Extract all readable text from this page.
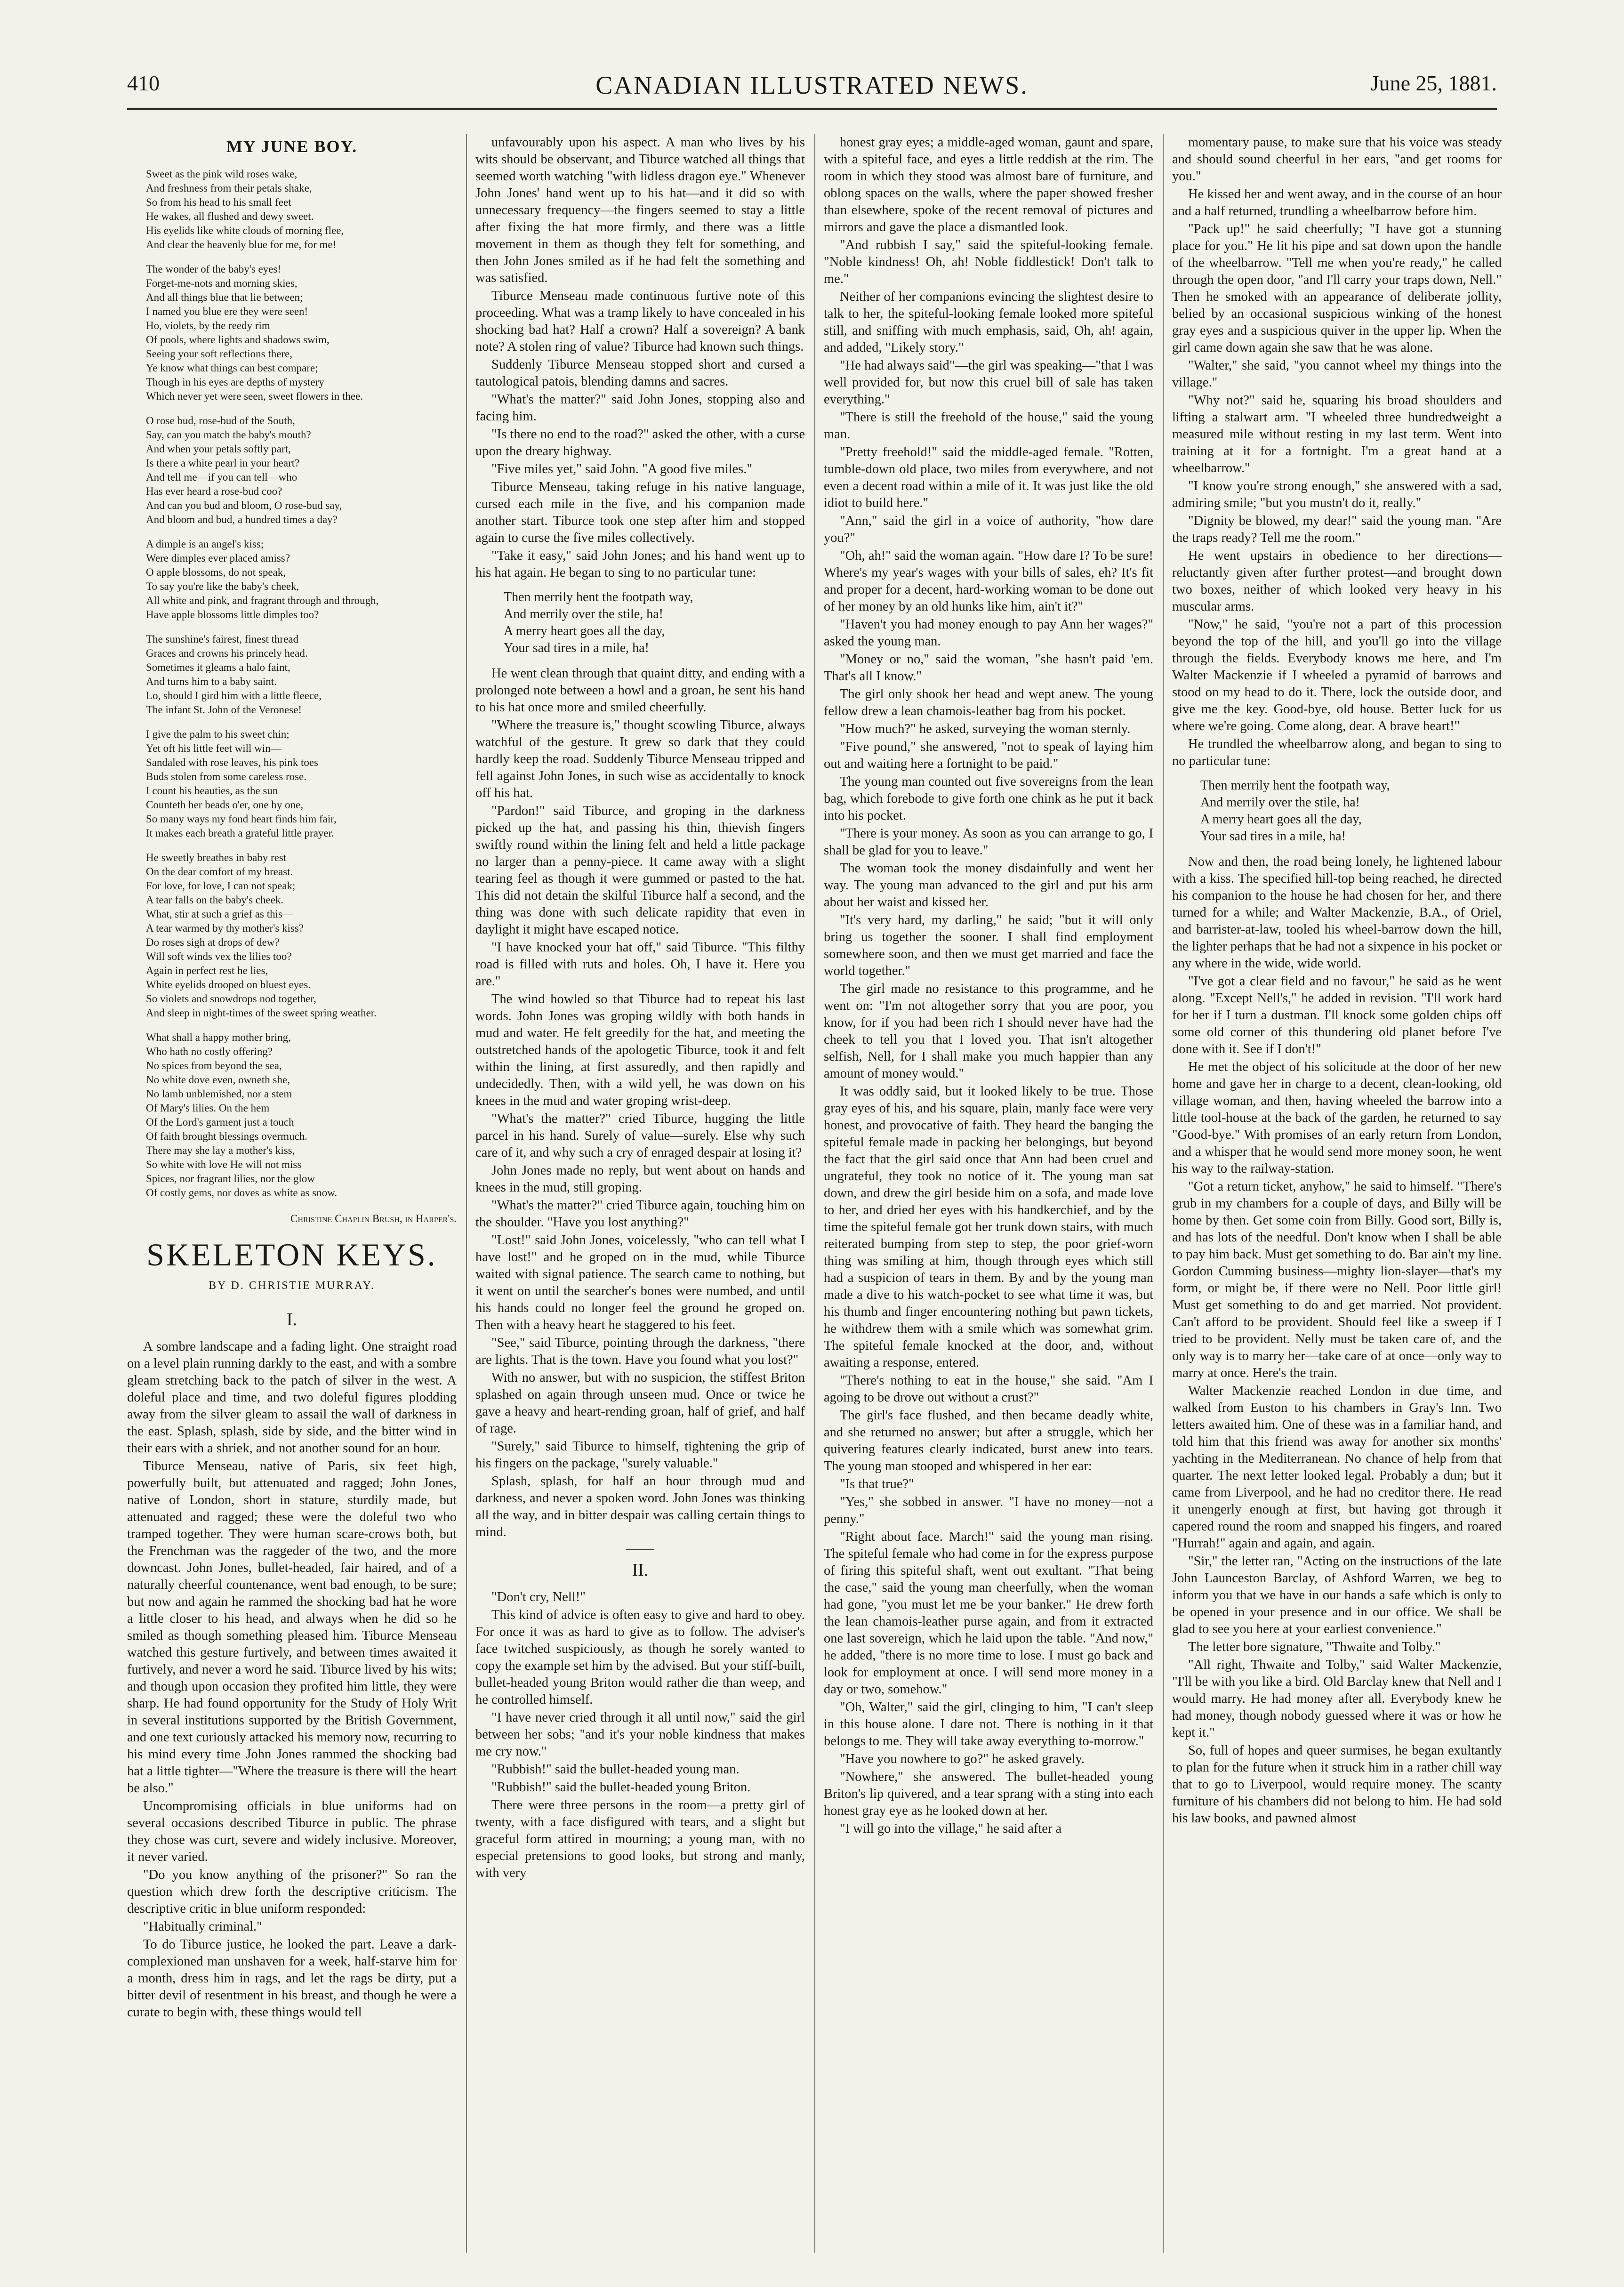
410	CANADIAN ILLUSTRATED NEWS.	June 25, 1881.
MY JUNE BOY.
Sweet as the pink wild roses wake,
And freshness from their petals shake,
So from his head to his small feet
He wakes, all flushed and dewy sweet.
His eyelids like white clouds of morning flee,
And clear the heavenly blue for me, for me!
The wonder of the baby's eyes!
Forget-me-nots and morning skies,
And all things blue that lie between;
I named you blue ere they were seen!
Ho, violets, by the reedy rim
Of pools, where lights and shadows swim,
Seeing your soft reflections there,
Ye know what things can best compare;
Though in his eyes are depths of mystery
Which never yet were seen, sweet flowers in thee.
O rose bud, rose-bud of the South,
Say, can you match the baby's mouth?
And when your petals softly part,
Is there a white pearl in your heart?
And tell me—if you can tell—who
Has ever heard a rose-bud coo?
And can you bud and bloom, O rose-bud say,
And bloom and bud, a hundred times a day?
A dimple is an angel's kiss;
Were dimples ever placed amiss?
O apple blossoms, do not speak,
To say you're like the baby's cheek,
All white and pink, and fragrant through and through,
Have apple blossoms little dimples too?
The sunshine's fairest, finest thread
Graces and crowns his princely head.
Sometimes it gleams a halo faint,
And turns him to a baby saint.
Lo, should I gird him with a little fleece,
The infant St. John of the Veronese!
I give the palm to his sweet chin;
Yet oft his little feet will win—
Sandaled with rose leaves, his pink toes
Buds stolen from some careless rose.
I count his beauties, as the sun
Counteth her beads o'er, one by one,
So many ways my fond heart finds him fair,
It makes each breath a grateful little prayer.
He sweetly breathes in baby rest
On the dear comfort of my breast.
For love, for love, I can not speak;
A tear falls on the baby's cheek.
What, stir at such a grief as this—
A tear warmed by thy mother's kiss?
Do roses sigh at drops of dew?
Will soft winds vex the lilies too?
Again in perfect rest he lies,
White eyelids drooped on bluest eyes.
So violets and snowdrops nod together,
And sleep in night-times of the sweet spring weather.
What shall a happy mother bring,
Who hath no costly offering?
No spices from beyond the sea,
No white dove even, owneth she,
No lamb unblemished, nor a stem
Of Mary's lilies. On the hem
Of the Lord's garment just a touch
Of faith brought blessings overmuch.
There may she lay a mother's kiss,
So white with love He will not miss
Spices, nor fragrant lilies, nor the glow
Of costly gems, nor doves as white as snow.
Christine Chaplin Brush, in Harper's.
SKELETON KEYS.
BY D. CHRISTIE MURRAY.
I.

A sombre landscape and a fading light. One straight road on a level plain running darkly to the east, and with a sombre gleam stretching back to the patch of silver in the west. A doleful place and time, and two doleful figures plodding away from the silver gleam to assail the wall of darkness in the east. Splash, splash, side by side, and the bitter wind in their ears with a shriek, and not another sound for an hour.

Tiburce Menseau, native of Paris, six feet high, powerfully built, but attenuated and ragged; John Jones, native of London, short in stature, sturdily made, but attenuated and ragged; these were the doleful two who tramped together. They were human scare-crows both, but the Frenchman was the raggeder of the two, and the more downcast. John Jones, bullet-headed, fair haired, and of a naturally cheerful countenance, went bad enough, to be sure; but now and again he rammed the shocking bad hat he wore a little closer to his head, and always when he did so he smiled as though something pleased him. Tiburce Menseau watched this gesture furtively, and between times awaited it furtively, and never a word he said. Tiburce lived by his wits; and though upon occasion they profited him little, they were sharp. He had found opportunity for the Study of Holy Writ in several institutions supported by the British Government, and one text curiously attacked his memory now, recurring to his mind every time John Jones rammed the shocking bad hat a little tighter—"Where the treasure is there will the heart be also."

Uncompromising officials in blue uniforms had on several occasions described Tiburce in public. The phrase they chose was curt, severe and widely inclusive. Moreover, it never varied.

"Do you know anything of the prisoner?" So ran the question which drew forth the descriptive criticism. The descriptive critic in blue uniform responded:

"Habitually criminal."

To do Tiburce justice, he looked the part. Leave a dark-complexioned man unshaven for a week, half-starve him for a month, dress him in rags, and let the rags be dirty, put a bitter devil of resentment in his breast, and though he were a curate to begin with, these things would tell

unfavourably upon his aspect. A man who lives by his wits should be observant, and Tiburce watched all things that seemed worth watching "with lidless dragon eye." Whenever John Jones' hand went up to his hat—and it did so with unnecessary frequency—the fingers seemed to stay a little after fixing the hat more firmly, and there was a little movement in them as though they felt for something, and then John Jones smiled as if he had felt the something and was satisfied.

Tiburce Menseau made continuous furtive note of this proceeding. What was a tramp likely to have concealed in his shocking bad hat? Half a crown? Half a sovereign? A bank note? A stolen ring of value? Tiburce had known such things.

Suddenly Tiburce Menseau stopped short and cursed a tautological patois, blending damns and sacres.

"What's the matter?" said John Jones, stopping also and facing him.

"Is there no end to the road?" asked the other, with a curse upon the dreary highway.

"Five miles yet," said John. "A good five miles."

Tiburce Menseau, taking refuge in his native language, cursed each mile in the five, and his companion made another start. Tiburce took one step after him and stopped again to curse the five miles collectively.

"Take it easy," said John Jones; and his hand went up to his hat again. He began to sing to no particular tune:

Then merrily hent the footpath way,
And merrily over the stile, ha!
A merry heart goes all the day,
Your sad tires in a mile, ha!

He went clean through that quaint ditty, and ending with a prolonged note between a howl and a groan, he sent his hand to his hat once more and smiled cheerfully.

"Where the treasure is," thought scowling Tiburce, always watchful of the gesture. It grew so dark that they could hardly keep the road. Suddenly Tiburce Menseau tripped and fell against John Jones, in such wise as accidentally to knock off his hat.

"Pardon!" said Tiburce, and groping in the darkness picked up the hat, and passing his thin, thievish fingers swiftly round within the lining felt and held a little package no larger than a penny-piece. It came away with a slight tearing feel as though it were gummed or pasted to the hat. This did not detain the skilful Tiburce half a second, and the thing was done with such delicate rapidity that even in daylight it might have escaped notice.

"I have knocked your hat off," said Tiburce. "This filthy road is filled with ruts and holes. Oh, I have it. Here you are."

The wind howled so that Tiburce had to repeat his last words. John Jones was groping wildly with both hands in mud and water. He felt greedily for the hat, and meeting the outstretched hands of the apologetic Tiburce, took it and felt within the lining, at first assuredly, and then rapidly and undecidedly. Then, with a wild yell, he was down on his knees in the mud and water groping wrist-deep.

"What's the matter?" cried Tiburce, hugging the little parcel in his hand. Surely of value—surely. Else why such care of it, and why such a cry of enraged despair at losing it?

John Jones made no reply, but went about on hands and knees in the mud, still groping.

"What's the matter?" cried Tiburce again, touching him on the shoulder. "Have you lost anything?"

"Lost!" said John Jones, voicelessly, "who can tell what I have lost!" and he groped on in the mud, while Tiburce waited with signal patience. The search came to nothing, but it went on until the searcher's bones were numbed, and until his hands could no longer feel the ground he groped on. Then with a heavy heart he staggered to his feet.

"See," said Tiburce, pointing through the darkness, "there are lights. That is the town. Have you found what you lost?"

With no answer, but with no suspicion, the stiffest Briton splashed on again through unseen mud. Once or twice he gave a heavy and heart-rending groan, half of grief, and half of rage.

"Surely," said Tiburce to himself, tightening the grip of his fingers on the package, "surely valuable."

Splash, splash, for half an hour through mud and darkness, and never a spoken word. John Jones was thinking all the way, and in bitter despair was calling certain things to mind.

II.

"Don't cry, Nell!"

This kind of advice is often easy to give and hard to obey. For once it was as hard to give as to follow. The adviser's face twitched suspiciously, as though he sorely wanted to copy the example set him by the advised. But your stiff-built, bullet-headed young Briton would rather die than weep, and he controlled himself.

"I have never cried through it all until now," said the girl between her sobs; "and it's your noble kindness that makes me cry now."

"Rubbish!" said the bullet-headed young man.

"Rubbish!" said the bullet-headed young Briton.

There were three persons in the room—a pretty girl of twenty, with a face disfigured with tears, and a slight but graceful form attired in mourning; a young man, with no especial pretensions to good looks, but strong and manly, with very

honest gray eyes; a middle-aged woman, gaunt and spare, with a spiteful face, and eyes a little reddish at the rim. The room in which they stood was almost bare of furniture, and oblong spaces on the walls, where the paper showed fresher than elsewhere, spoke of the recent removal of pictures and mirrors and gave the place a dismantled look.

"And rubbish I say," said the spiteful-looking female. "Noble kindness! Oh, ah! Noble fiddlestick! Don't talk to me."

Neither of her companions evincing the slightest desire to talk to her, the spiteful-looking female looked more spiteful still, and sniffing with much emphasis, said, Oh, ah! again, and added, "Likely story."

"He had always said"—the girl was speaking—"that I was well provided for, but now this cruel bill of sale has taken everything."

"There is still the freehold of the house," said the young man.

"Pretty freehold!" said the middle-aged female. "Rotten, tumble-down old place, two miles from everywhere, and not even a decent road within a mile of it. It was just like the old idiot to build here."

"Ann," said the girl in a voice of authority, "how dare you?"

"Oh, ah!" said the woman again. "How dare I? To be sure! Where's my year's wages with your bills of sales, eh? It's fit and proper for a decent, hard-working woman to be done out of her money by an old hunks like him, ain't it?"

"Haven't you had money enough to pay Ann her wages?" asked the young man.

"Money or no," said the woman, "she hasn't paid 'em. That's all I know."

The girl only shook her head and wept anew. The young fellow drew a lean chamois-leather bag from his pocket.

"How much?" he asked, surveying the woman sternly.

"Five pound," she answered, "not to speak of laying him out and waiting here a fortnight to be paid."

The young man counted out five sovereigns from the lean bag, which forebode to give forth one chink as he put it back into his pocket.

"There is your money. As soon as you can arrange to go, I shall be glad for you to leave."

The woman took the money disdainfully and went her way. The young man advanced to the girl and put his arm about her waist and kissed her.

"It's very hard, my darling," he said; "but it will only bring us together the sooner. I shall find employment somewhere soon, and then we must get married and face the world together."

The girl made no resistance to this programme, and he went on: "I'm not altogether sorry that you are poor, you know, for if you had been rich I should never have had the cheek to tell you that I loved you. That isn't altogether selfish, Nell, for I shall make you much happier than any amount of money would."

It was oddly said, but it looked likely to be true. Those gray eyes of his, and his square, plain, manly face were very honest, and provocative of faith. They heard the banging the spiteful female made in packing her belongings, but beyond the fact that the girl said once that Ann had been cruel and ungrateful, they took no notice of it. The young man sat down, and drew the girl beside him on a sofa, and made love to her, and dried her eyes with his handkerchief, and by the time the spiteful female got her trunk down stairs, with much reiterated bumping from step to step, the poor grief-worn thing was smiling at him, though through eyes which still had a suspicion of tears in them. By and by the young man made a dive to his watch-pocket to see what time it was, but his thumb and finger encountering nothing but pawn tickets, he withdrew them with a smile which was somewhat grim. The spiteful female knocked at the door, and, without awaiting a response, entered.

"There's nothing to eat in the house," she said. "Am I agoing to be drove out without a crust?"

The girl's face flushed, and then became deadly white, and she returned no answer; but after a struggle, which her quivering features clearly indicated, burst anew into tears. The young man stooped and whispered in her ear:

"Is that true?"

"Yes," she sobbed in answer. "I have no money—not a penny."

"Right about face. March!" said the young man rising. The spiteful female who had come in for the express purpose of firing this spiteful shaft, went out exultant. "That being the case," said the young man cheerfully, when the woman had gone, "you must let me be your banker." He drew forth the lean chamois-leather purse again, and from it extracted one last sovereign, which he laid upon the table. "And now," he added, "there is no more time to lose. I must go back and look for employment at once. I will send more money in a day or two, somehow."

"Oh, Walter," said the girl, clinging to him, "I can't sleep in this house alone. I dare not. There is nothing in it that belongs to me. They will take away everything to-morrow."

"Have you nowhere to go?" he asked gravely.

"Nowhere," she answered. The bullet-headed young Briton's lip quivered, and a tear sprang with a sting into each honest gray eye as he looked down at her.

"I will go into the village," he said after a

momentary pause, to make sure that his voice was steady and should sound cheerful in her ears, "and get rooms for you."

He kissed her and went away, and in the course of an hour and a half returned, trundling a wheelbarrow before him.

"Pack up!" he said cheerfully; "I have got a stunning place for you." He lit his pipe and sat down upon the handle of the wheelbarrow. "Tell me when you're ready," he called through the open door, "and I'll carry your traps down, Nell." Then he smoked with an appearance of deliberate jollity, belied by an occasional suspicious winking of the honest gray eyes and a suspicious quiver in the upper lip. When the girl came down again she saw that he was alone.

"Walter," she said, "you cannot wheel my things into the village."

"Why not?" said he, squaring his broad shoulders and lifting a stalwart arm. "I wheeled three hundredweight a measured mile without resting in my last term. Went into training at it for a fortnight. I'm a great hand at a wheelbarrow."

"I know you're strong enough," she answered with a sad, admiring smile; "but you mustn't do it, really."

"Dignity be blowed, my dear!" said the young man. "Are the traps ready? Tell me the room."

He went upstairs in obedience to her directions—reluctantly given after further protest—and brought down two boxes, neither of which looked very heavy in his muscular arms.

"Now," he said, "you're not a part of this procession beyond the top of the hill, and you'll go into the village through the fields. Everybody knows me here, and I'm Walter Mackenzie if I wheeled a pyramid of barrows and stood on my head to do it. There, lock the outside door, and give me the key. Good-bye, old house. Better luck for us where we're going. Come along, dear. A brave heart!"

He trundled the wheelbarrow along, and began to sing to no particular tune:

Then merrily hent the footpath way,
And merrily over the stile, ha!
A merry heart goes all the day,
Your sad tires in a mile, ha!

Now and then, the road being lonely, he lightened labour with a kiss. The specified hill-top being reached, he directed his companion to the house he had chosen for her, and there turned for a while; and Walter Mackenzie, B.A., of Oriel, and barrister-at-law, tooled his wheel-barrow down the hill, the lighter perhaps that he had not a sixpence in his pocket or any where in the wide, wide world.

"I've got a clear field and no favour," he said as he went along. "Except Nell's," he added in revision. "I'll work hard for her if I turn a dustman. I'll knock some golden chips off some old corner of this thundering old planet before I've done with it. See if I don't!"

He met the object of his solicitude at the door of her new home and gave her in charge to a decent, clean-looking, old village woman, and then, having wheeled the barrow into a little tool-house at the back of the garden, he returned to say "Good-bye." With promises of an early return from London, and a whisper that he would send more money soon, he went his way to the railway-station.

"Got a return ticket, anyhow," he said to himself. "There's grub in my chambers for a couple of days, and Billy will be home by then. Get some coin from Billy. Good sort, Billy is, and has lots of the needful. Don't know when I shall be able to pay him back. Must get something to do. Bar ain't my line. Gordon Cumming business—mighty lion-slayer—that's my form, or might be, if there were no Nell. Poor little girl! Must get something to do and get married. Not provident. Can't afford to be provident. Should feel like a sweep if I tried to be provident. Nelly must be taken care of, and the only way is to marry her—take care of at once—only way to marry at once. Here's the train.

Walter Mackenzie reached London in due time, and walked from Euston to his chambers in Gray's Inn. Two letters awaited him. One of these was in a familiar hand, and told him that this friend was away for another six months' yachting in the Mediterranean. No chance of help from that quarter. The next letter looked legal. Probably a dun; but it came from Liverpool, and he had no creditor there. He read it unengerly enough at first, but having got through it capered round the room and snapped his fingers, and roared "Hurrah!" again and again, and again.

"Sir," the letter ran, "Acting on the instructions of the late John Launceston Barclay, of Ashford Warren, we beg to inform you that we have in our hands a safe which is only to be opened in your presence and in our office. We shall be glad to see you here at your earliest convenience."

The letter bore signature, "Thwaite and Tolby."

"All right, Thwaite and Tolby," said Walter Mackenzie, "I'll be with you like a bird. Old Barclay knew that Nell and I would marry. He had money after all. Everybody knew he had money, though nobody guessed where it was or how he kept it."

So, full of hopes and queer surmises, he began exultantly to plan for the future when it struck him in a rather chill way that to go to Liverpool, would require money. The scanty furniture of his chambers did not belong to him. He had sold his law books, and pawned almost
